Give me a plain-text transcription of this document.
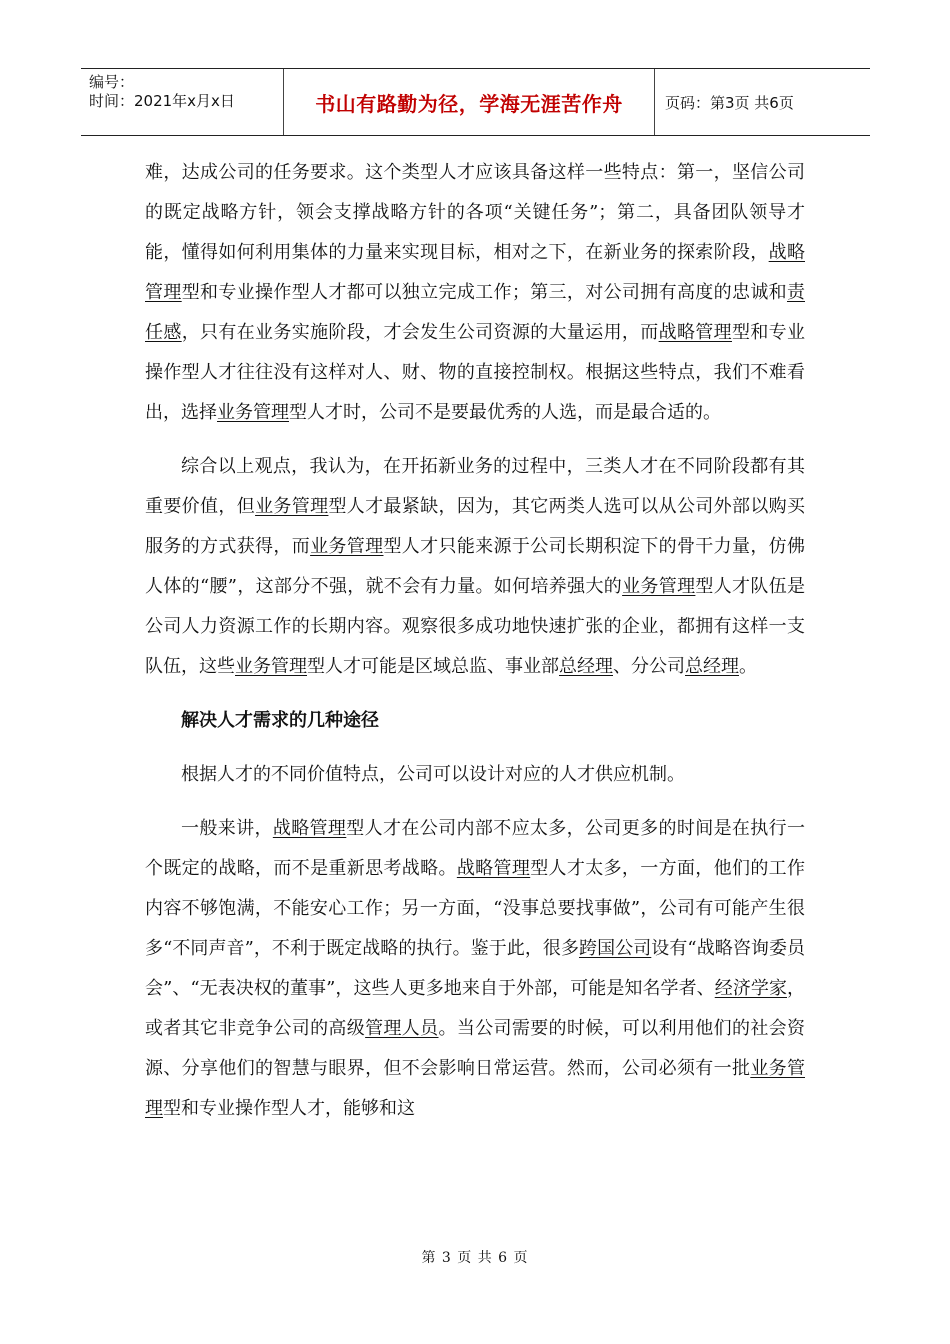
编号：
时间：2021年x月x日	书山有路勤为径，学海无涯苦作舟	页码：第3页 共6页

难，达成公司的任务要求。这个类型人才应该具备这样一些特点：第一，坚信公司的既定战略方针，领会支撑战略方针的各项“关键任务”；第二，具备团队领导才能，懂得如何利用集体的力量来实现目标，相对之下，在新业务的探索阶段，战略管理型和专业操作型人才都可以独立完成工作；第三，对公司拥有高度的忠诚和责任感，只有在业务实施阶段，才会发生公司资源的大量运用，而战略管理型和专业操作型人才往往没有这样对人、财、物的直接控制权。根据这些特点，我们不难看出，选择业务管理型人才时，公司不是要最优秀的人选，而是最合适的。

综合以上观点，我认为，在开拓新业务的过程中，三类人才在不同阶段都有其重要价值，但业务管理型人才最紧缺，因为，其它两类人选可以从公司外部以购买服务的方式获得，而业务管理型人才只能来源于公司长期积淀下的骨干力量，仿佛人体的“腰”，这部分不强，就不会有力量。如何培养强大的业务管理型人才队伍是公司人力资源工作的长期内容。观察很多成功地快速扩张的企业，都拥有这样一支队伍，这些业务管理型人才可能是区域总监、事业部总经理、分公司总经理。

解决人才需求的几种途径

根据人才的不同价值特点，公司可以设计对应的人才供应机制。

一般来讲，战略管理型人才在公司内部不应太多，公司更多的时间是在执行一个既定的战略，而不是重新思考战略。战略管理型人才太多，一方面，他们的工作内容不够饱满，不能安心工作；另一方面，“没事总要找事做”，公司有可能产生很多“不同声音”，不利于既定战略的执行。鉴于此，很多跨国公司设有“战略咨询委员会”、“无表决权的董事”，这些人更多地来自于外部，可能是知名学者、经济学家，或者其它非竞争公司的高级管理人员。当公司需要的时候，可以利用他们的社会资源、分享他们的智慧与眼界，但不会影响日常运营。然而，公司必须有一批业务管理型和专业操作型人才，能够和这

第 3 页 共 6 页
